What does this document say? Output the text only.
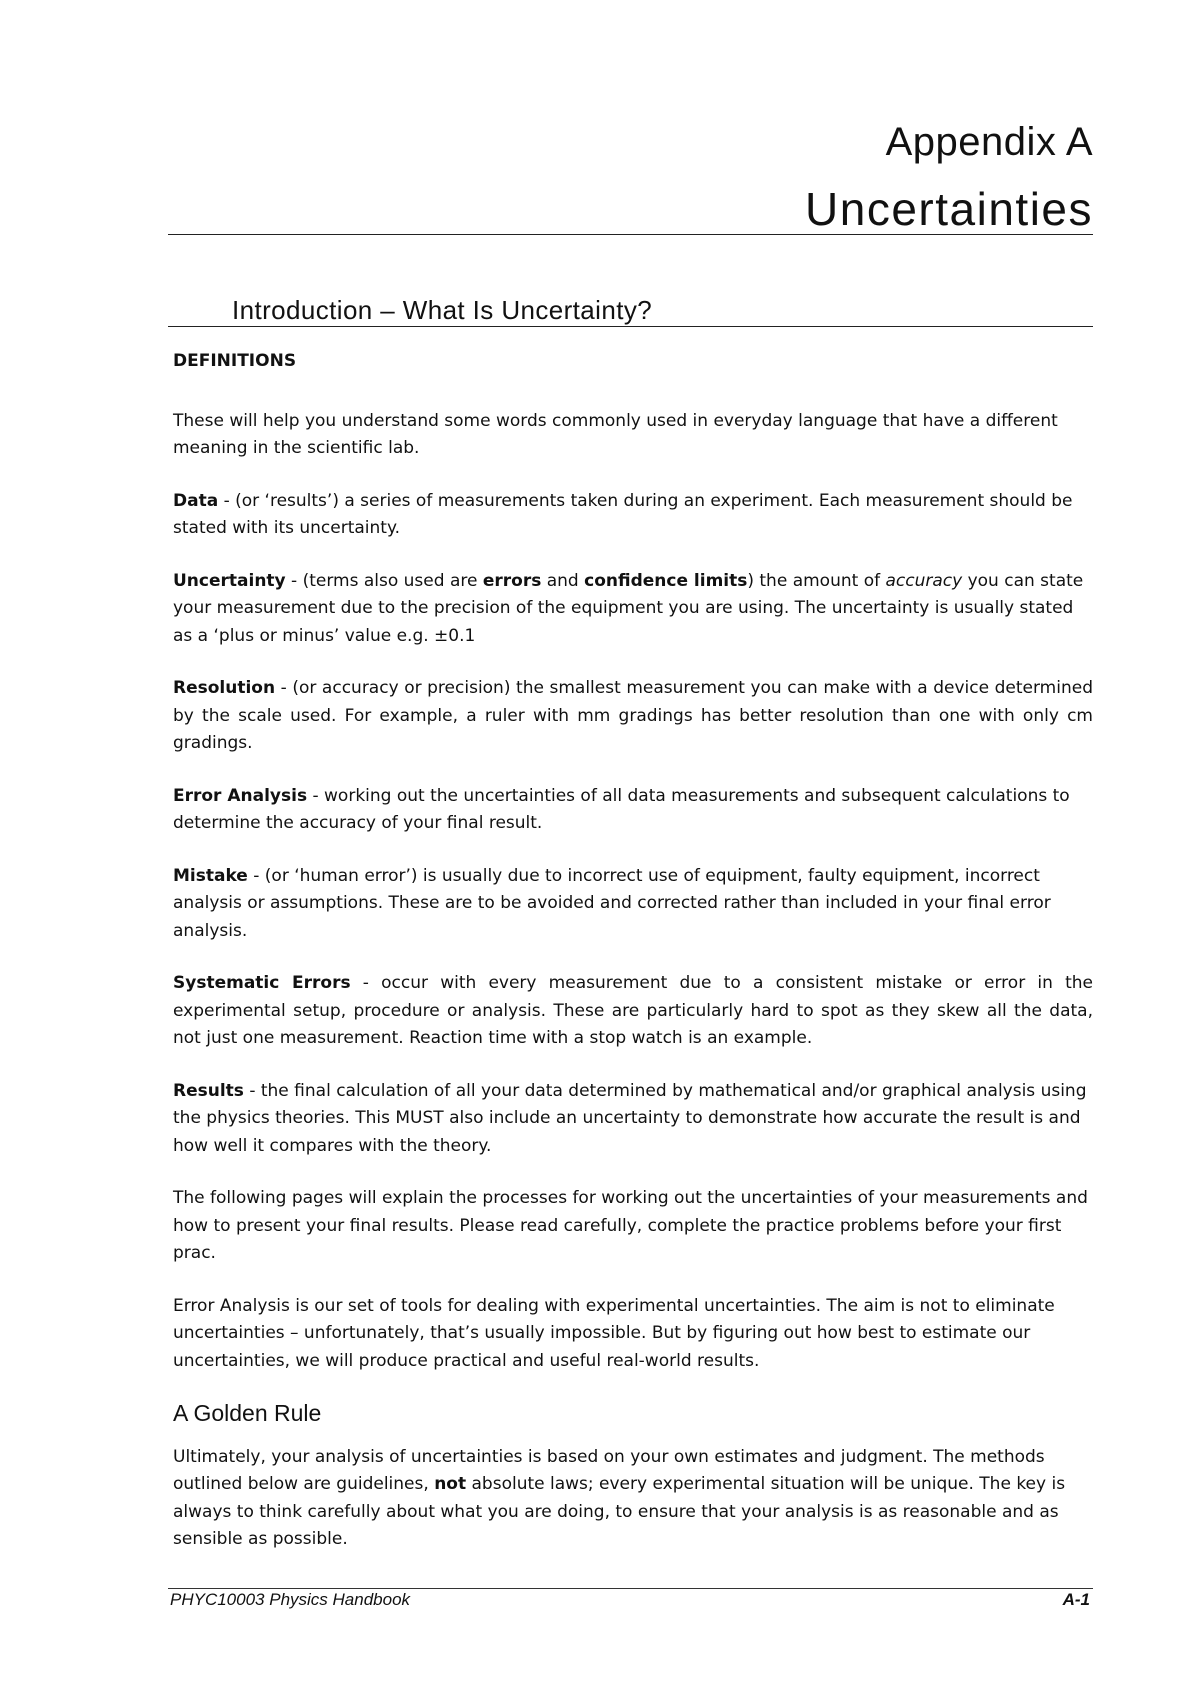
Appendix A
Uncertainties
Introduction – What Is Uncertainty?

DEFINITIONS

These will help you understand some words commonly used in everyday language that have a different meaning in the scientific lab.

Data - (or ‘results’) a series of measurements taken during an experiment. Each measurement should be stated with its uncertainty.

Uncertainty - (terms also used are errors and confidence limits) the amount of accuracy you can state your measurement due to the precision of the equipment you are using. The uncertainty is usually stated as a ‘plus or minus’ value e.g. ±0.1

Resolution - (or accuracy or precision) the smallest measurement you can make with a device determined by the scale used. For example, a ruler with mm gradings has better resolution than one with only cm gradings.

Error Analysis - working out the uncertainties of all data measurements and subsequent calculations to determine the accuracy of your final result.

Mistake - (or ‘human error’) is usually due to incorrect use of equipment, faulty equipment, incorrect analysis or assumptions. These are to be avoided and corrected rather than included in your final error analysis.

Systematic Errors - occur with every measurement due to a consistent mistake or error in the experimental setup, procedure or analysis. These are particularly hard to spot as they skew all the data, not just one measurement. Reaction time with a stop watch is an example.

Results - the final calculation of all your data determined by mathematical and/or graphical analysis using the physics theories. This MUST also include an uncertainty to demonstrate how accurate the result is and how well it compares with the theory.

The following pages will explain the processes for working out the uncertainties of your measurements and how to present your final results. Please read carefully, complete the practice problems before your first prac.

Error Analysis is our set of tools for dealing with experimental uncertainties. The aim is not to eliminate uncertainties – unfortunately, that’s usually impossible. But by figuring out how best to estimate our uncertainties, we will produce practical and useful real-world results.

A Golden Rule

Ultimately, your analysis of uncertainties is based on your own estimates and judgment. The methods outlined below are guidelines, not absolute laws; every experimental situation will be unique. The key is always to think carefully about what you are doing, to ensure that your analysis is as reasonable and as sensible as possible.

PHYC10003 Physics Handbook	A-1
